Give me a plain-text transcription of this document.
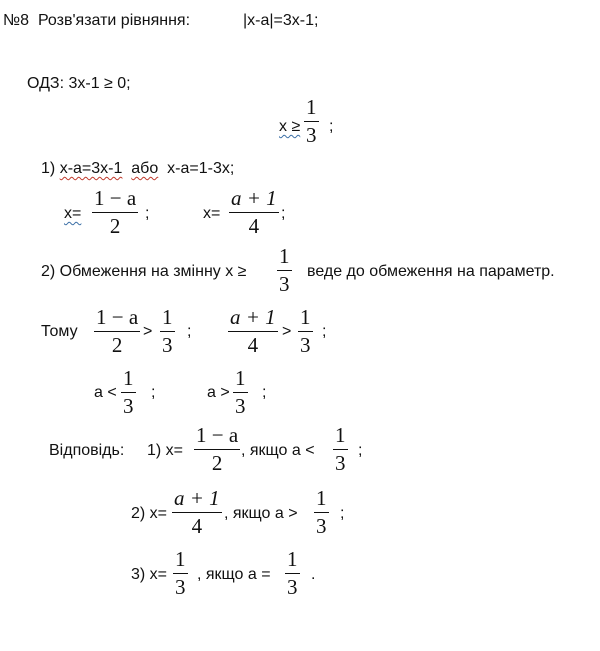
№8 Розв'язати рівняння:	|x-a|=3x-1;
ОДЗ: 3x-1 ≥ 0;
x ≥
1
3 ;
1) x-a=3x-1 або x-a=1-3x;
x=
1 − a
2
;	x=
a + 1
4
;
2) Обмеження на змінну x ≥
1
3
веде до обмеження на параметр.
Тому
1 − a
2
>
1
3
;
a + 1
4
>
1
3
;
a <
1
3
;	a >
1
3
;
Відповідь: 1) x=
1 − a
2
, якщо a <
1
3
;
2) x=
a + 1
4
, якщо a >
1
3
;
3) x=
1
3
, якщо a =
1
3
.
